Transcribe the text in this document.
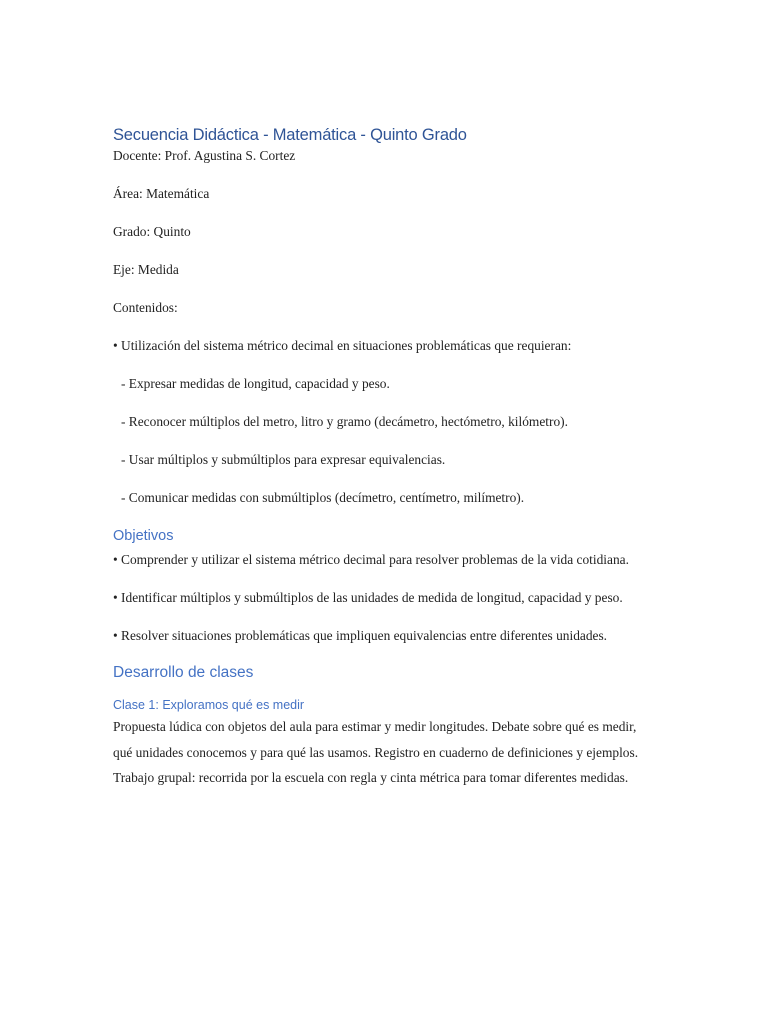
Secuencia Didáctica - Matemática - Quinto Grado

Docente: Prof. Agustina S. Cortez

Área: Matemática

Grado: Quinto

Eje: Medida

Contenidos:

• Utilización del sistema métrico decimal en situaciones problemáticas que requieran:

- Expresar medidas de longitud, capacidad y peso.

- Reconocer múltiplos del metro, litro y gramo (decámetro, hectómetro, kilómetro).

- Usar múltiplos y submúltiplos para expresar equivalencias.

- Comunicar medidas con submúltiplos (decímetro, centímetro, milímetro).

Objetivos

• Comprender y utilizar el sistema métrico decimal para resolver problemas de la vida cotidiana.

• Identificar múltiplos y submúltiplos de las unidades de medida de longitud, capacidad y peso.

• Resolver situaciones problemáticas que impliquen equivalencias entre diferentes unidades.

Desarrollo de clases
Clase 1: Exploramos qué es medir

Propuesta lúdica con objetos del aula para estimar y medir longitudes. Debate sobre qué es medir, qué unidades conocemos y para qué las usamos. Registro en cuaderno de definiciones y ejemplos. Trabajo grupal: recorrida por la escuela con regla y cinta métrica para tomar diferentes medidas.
